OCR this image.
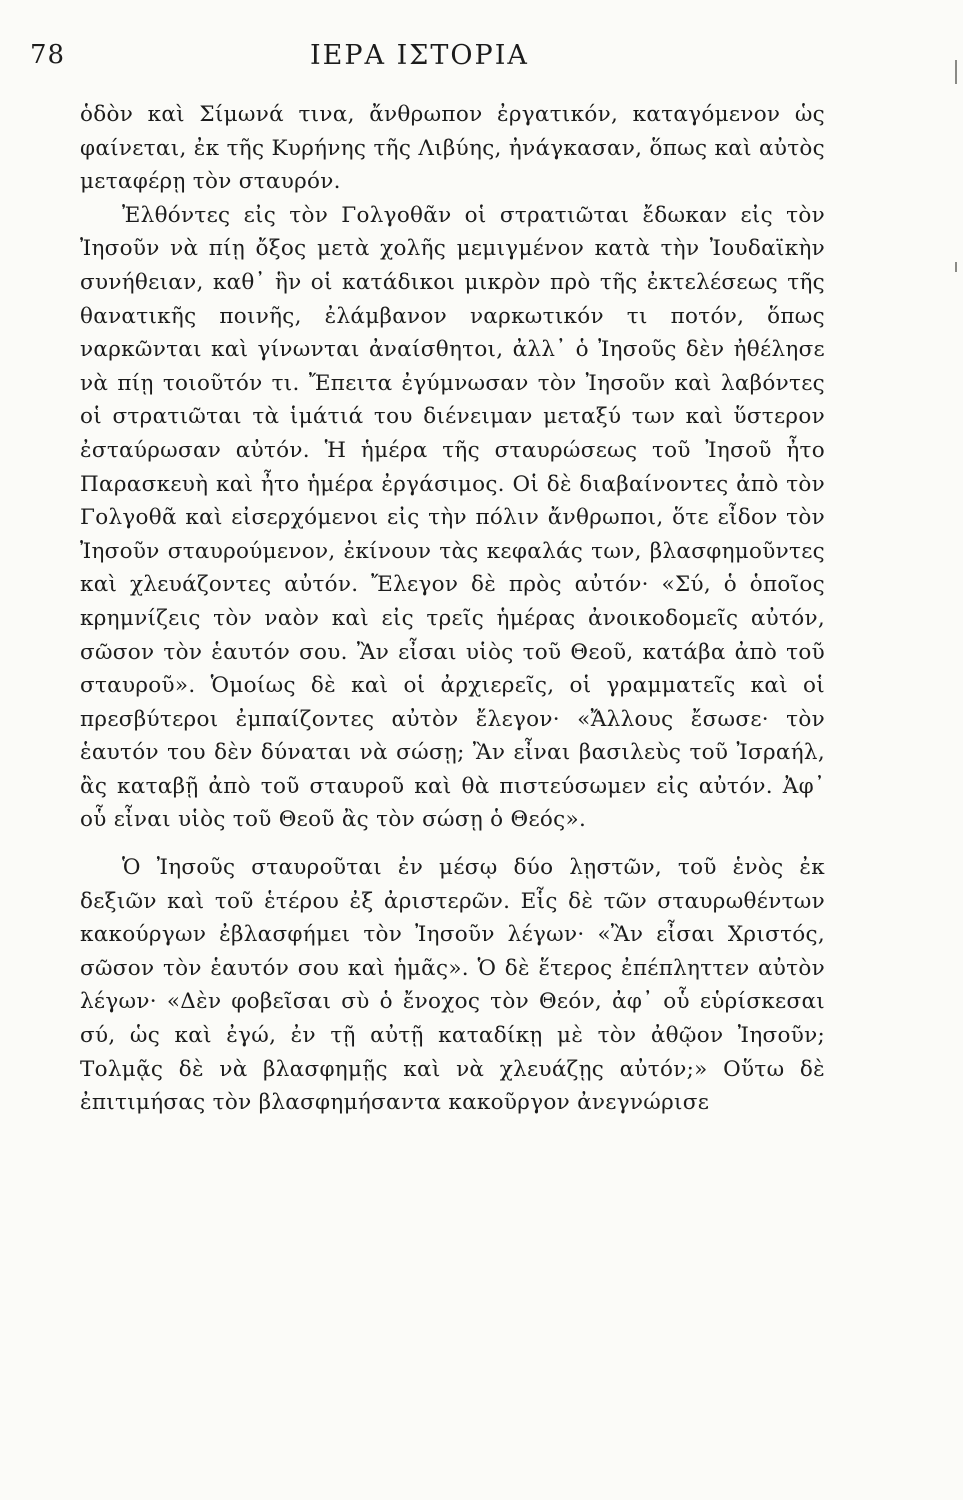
78	ΙΕΡΑ ΙΣΤΟΡΙΑ

ὁδὸν καὶ Σίμωνά τινα, ἄνθρωπον ἐργατικόν, καταγόμενον ὡς φαίνεται, ἐκ τῆς Κυρήνης τῆς Λιβύης, ἠνάγκασαν, ὅπως καὶ αὐτὸς μεταφέρῃ τὸν σταυρόν.

Ἐλθόντες εἰς τὸν Γολγοθᾶν οἱ στρατιῶται ἔδωκαν εἰς τὸν Ἰησοῦν νὰ πίῃ ὄξος μετὰ χολῆς μεμιγμένον κατὰ τὴν Ἰουδαϊκὴν συνήθειαν, καθ᾽ ἣν οἱ κατάδικοι μικρὸν πρὸ τῆς ἐκτελέσεως τῆς θανατικῆς ποινῆς, ἐλάμβανον ναρκωτικόν τι ποτόν, ὅπως ναρκῶνται καὶ γίνωνται ἀναίσθητοι, ἀλλ᾽ ὁ Ἰησοῦς δὲν ἠθέλησε νὰ πίῃ τοιοῦτόν τι. Ἔπειτα ἐγύμνωσαν τὸν Ἰησοῦν καὶ λαβόντες οἱ στρατιῶται τὰ ἱμάτιά του διένειμαν μεταξύ των καὶ ὕστερον ἐσταύρωσαν αὐτόν. Ἡ ἡμέρα τῆς σταυρώσεως τοῦ Ἰησοῦ ἦτο Παρασκευὴ καὶ ἦτο ἡμέρα ἐργάσιμος. Οἱ δὲ διαβαίνοντες ἀπὸ τὸν Γολγοθᾶ καὶ εἰσερχόμενοι εἰς τὴν πόλιν ἄνθρωποι, ὅτε εἶδον τὸν Ἰησοῦν σταυρούμενον, ἐκίνουν τὰς κεφαλάς των, βλασφημοῦντες καὶ χλευάζοντες αὐτόν. Ἔλεγον δὲ πρὸς αὐτόν· «Σύ, ὁ ὁποῖος κρημνίζεις τὸν ναὸν καὶ εἰς τρεῖς ἡμέρας ἀνοικοδομεῖς αὐτόν, σῶσον τὸν ἑαυτόν σου. Ἂν εἶσαι υἱὸς τοῦ Θεοῦ, κατάβα ἀπὸ τοῦ σταυροῦ». Ὁμοίως δὲ καὶ οἱ ἀρχιερεῖς, οἱ γραμματεῖς καὶ οἱ πρεσβύτεροι ἐμπαίζοντες αὐτὸν ἔλεγον· «Ἄλλους ἔσωσε· τὸν ἑαυτόν του δὲν δύναται νὰ σώσῃ; Ἂν εἶναι βασιλεὺς τοῦ Ἰσραήλ, ἂς καταβῇ ἀπὸ τοῦ σταυροῦ καὶ θὰ πιστεύσωμεν εἰς αὐτόν. Ἀφ᾽ οὗ εἶναι υἱὸς τοῦ Θεοῦ ἂς τὸν σώσῃ ὁ Θεός».

Ὁ Ἰησοῦς σταυροῦται ἐν μέσῳ δύο λῃστῶν, τοῦ ἑνὸς ἐκ δεξιῶν καὶ τοῦ ἑτέρου ἐξ ἀριστερῶν. Εἷς δὲ τῶν σταυρωθέντων κακούργων ἐβλασφήμει τὸν Ἰησοῦν λέγων· «Ἂν εἶσαι Χριστός, σῶσον τὸν ἑαυτόν σου καὶ ἡμᾶς». Ὁ δὲ ἕτερος ἐπέπληττεν αὐτὸν λέγων· «Δὲν φοβεῖσαι σὺ ὁ ἔνοχος τὸν Θεόν, ἀφ᾽ οὗ εὑρίσκεσαι σύ, ὡς καὶ ἐγώ, ἐν τῇ αὐτῇ καταδίκῃ μὲ τὸν ἀθῷον Ἰησοῦν; Τολμᾷς δὲ νὰ βλασφημῇς καὶ νὰ χλευάζῃς αὐτόν;» Οὕτω δὲ ἐπιτιμήσας τὸν βλασφημήσαντα κακοῦργον ἀνεγνώρισε
